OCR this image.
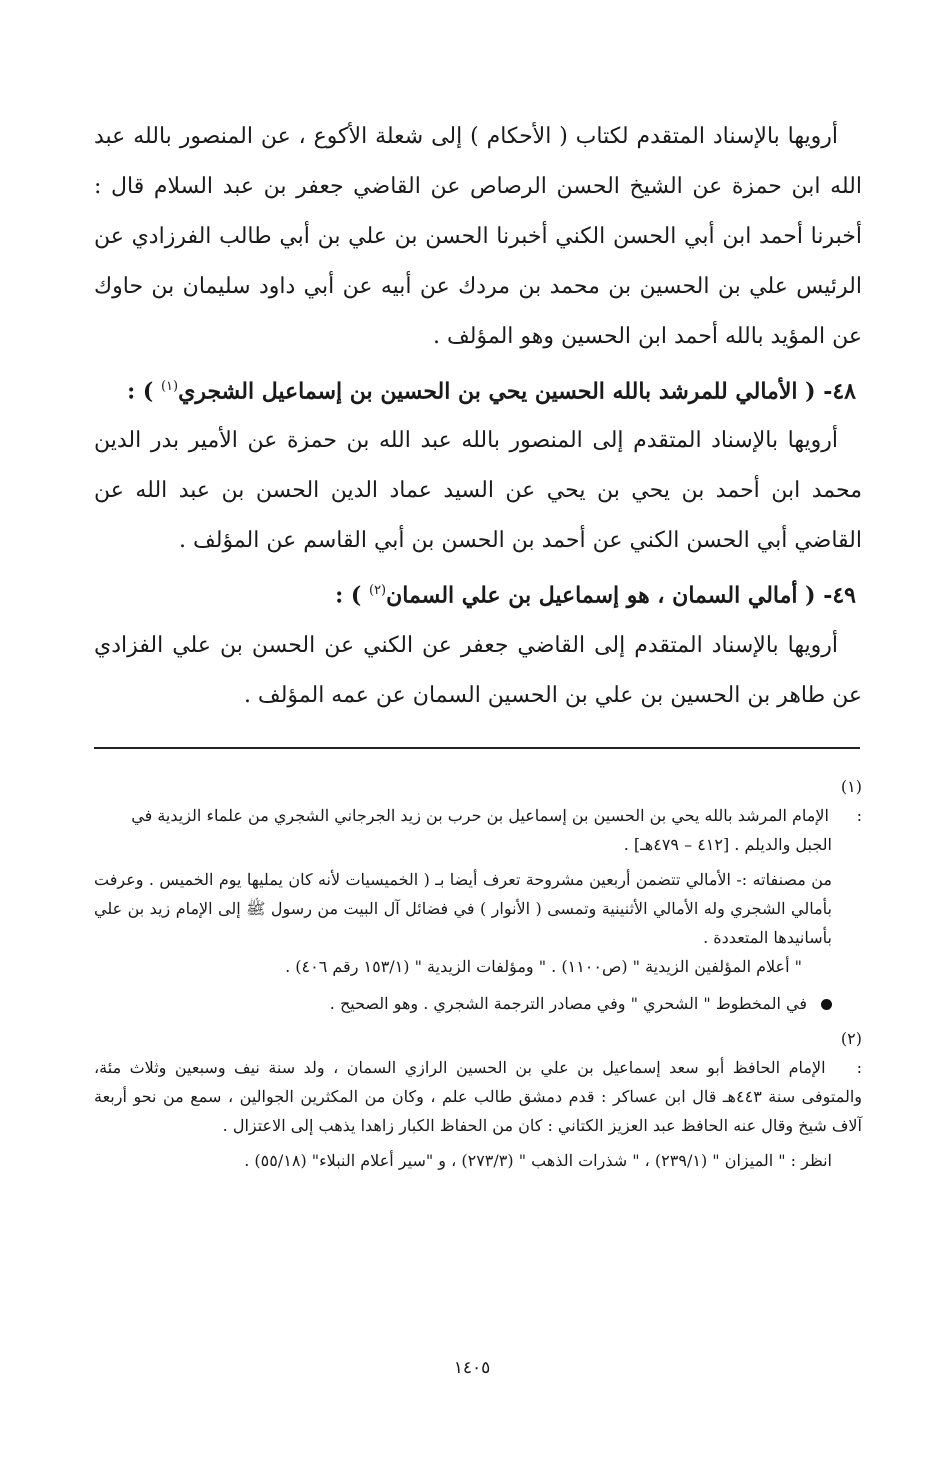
أرويها بالإسناد المتقدم لكتاب ( الأحكام ) إلى شعلة الأكوع ، عن المنصور بالله عبد الله ابن حمزة عن الشيخ الحسن الرصاص عن القاضي جعفر بن عبد السلام قال : أخبرنا أحمد ابن أبي الحسن الكني أخبرنا الحسن بن علي بن أبي طالب الفرزادي عن الرئيس علي بن الحسين بن محمد بن مردك عن أبيه عن أبي داود سليمان بن حاوك عن المؤيد بالله أحمد ابن الحسين وهو المؤلف .

٤٨- ( الأمالي للمرشد بالله الحسين يحي بن الحسين بن إسماعيل الشجري$^{(١)}$ ) :

أرويها بالإسناد المتقدم إلى المنصور بالله عبد الله بن حمزة عن الأمير بدر الدين محمد ابن أحمد بن يحي بن يحي عن السيد عماد الدين الحسن بن عبد الله عن القاضي أبي الحسن الكني عن أحمد بن الحسن بن أبي القاسم عن المؤلف .

٤٩- ( أمالي السمان ، هو إسماعيل بن علي السمان$^{(٢)}$ ) :

أرويها بالإسناد المتقدم إلى القاضي جعفر عن الكني عن الحسن بن علي الفزادي عن طاهر بن الحسين بن علي بن الحسين السمان عن عمه المؤلف .

(١) : الإمام المرشد بالله يحي بن الحسين بن إسماعيل بن حرب بن زيد الجرجاني الشجري من علماء الزيدية في

الجبل والديلم . [٤١٢ – ٤٧٩هـ] .

من مصنفاته :- الأمالي تتضمن أربعين مشروحة تعرف أيضا بـ ( الخميسيات لأنه كان يمليها يوم الخميس . وعرفت بأمالي الشجري وله الأمالي الأثنينية وتمسى ( الأنوار ) في فضائل آل البيت من رسول ﷺ إلى الإمام زيد بن علي بأسانيدها المتعددة .

" أعلام المؤلفين الزيدية " (ص١١٠٠) . " ومؤلفات الزيدية " (١٥٣/١ رقم ٤٠٦) .

في المخطوط " الشحري " وفي مصادر الترجمة الشجري . وهو الصحيح .

(٢) : الإمام الحافظ أبو سعد إسماعيل بن علي بن الحسين الرازي السمان ، ولد سنة نيف وسبعين وثلاث مئة، والمتوفى سنة ٤٤٣هـ قال ابن عساكر : قدم دمشق طالب علم ، وكان من المكثرين الجوالين ، سمع من نحو أربعة آلاف شيخ وقال عنه الحافظ عبد العزيز الكتاني : كان من الحفاظ الكبار زاهدا يذهب إلى الاعتزال .

انظر : " الميزان " (٢٣٩/١) ، " شذرات الذهب " (٢٧٣/٣) ، و "سير أعلام النبلاء" (٥٥/١٨) .

١٤٠٥
